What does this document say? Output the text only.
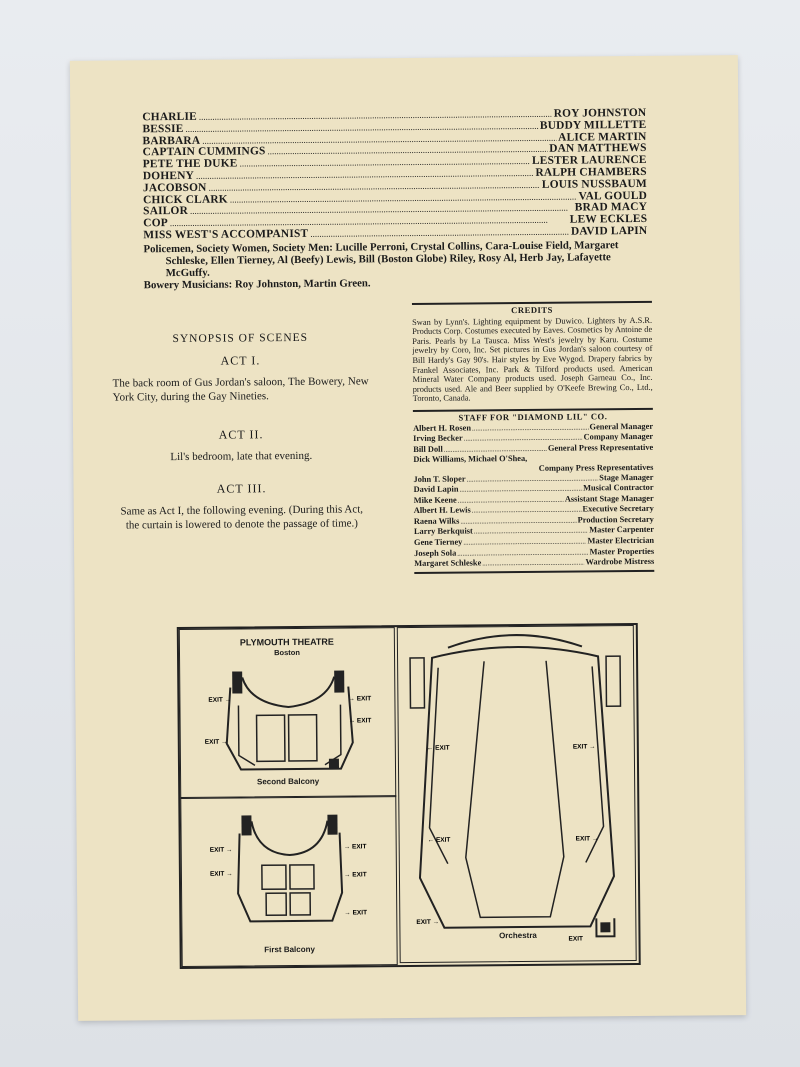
CHARLIE .....	ROY JOHNSTON
BESSIE .....	BUDDY MILLETTE
BARBARA .....	ALICE MARTIN
CAPTAIN CUMMINGS .....	DAN MATTHEWS
PETE THE DUKE .....	LESTER LAURENCE
DOHENY .....	RALPH CHAMBERS
JACOBSON .....	LOUIS NUSSBAUM
CHICK CLARK .....	VAL GOULD
SAILOR .....	BRAD MACY
COP .....	LEW ECKLES
MISS WEST'S ACCOMPANIST .....	DAVID LAPIN

Policemen, Society Women, Society Men: Lucille Perroni, Crystal Collins, Cara-Louise Field, Margaret Schleske, Ellen Tierney, Al (Beefy) Lewis, Bill (Boston Globe) Riley, Rosy Al, Herb Jay, Lafayette McGuffy.

Bowery Musicians: Roy Johnston, Martin Green.

SYNOPSIS OF SCENES
ACT I.

The back room of Gus Jordan's saloon, The Bowery, New York City, during the Gay Nineties.

ACT II.

Lil's bedroom, late that evening.

ACT III.

Same as Act I, the following evening. (During this Act, the curtain is lowered to denote the passage of time.)

CREDITS
Swan by Lynn's. Lighting equipment by Duwico. Lighters by A.S.R. Products Corp. Costumes executed by Eaves. Cosmetics by Antoine de Paris. Pearls by La Tausca. Miss West's jewelry by Karu. Costume jewelry by Coro, Inc. Set pictures in Gus Jordan's saloon courtesy of Bill Hardy's Gay 90's. Hair styles by Eve Wygod. Drapery fabrics by Frankel Associates, Inc. Park & Tilford products used. American Mineral Water Company products used. Joseph Garneau Co., Inc. products used. Ale and Beer supplied by O'Keefe Brewing Co., Ltd., Toronto, Canada.
STAFF FOR "DIAMOND LIL" CO.
Albert H. Rosen .....	General Manager
Irving Becker .....	Company Manager
Bill Doll .....	General Press Representative
Dick Williams, Michael O'Shea,
Company Press Representatives
John T. Sloper .....	Stage Manager
David Lapin .....	Musical Contractor
Mike Keene .....	Assistant Stage Manager
Albert H. Lewis .....	Executive Secretary
Raena Wilks .....	Production Secretary
Larry Berkquist .....	Master Carpenter
Gene Tierney .....	Master Electrician
Joseph Sola .....	Master Properties
Margaret Schleske .....	Wardrobe Mistress
PLYMOUTH THEATRE
Boston
EXIT →	→ EXIT
→ EXIT
EXIT →
Second Balcony
EXIT →
EXIT →
→ EXIT
→ EXIT
→ EXIT
First Balcony
← EXIT	EXIT →
← EXIT	EXIT →
EXIT →
EXIT
Orchestra
